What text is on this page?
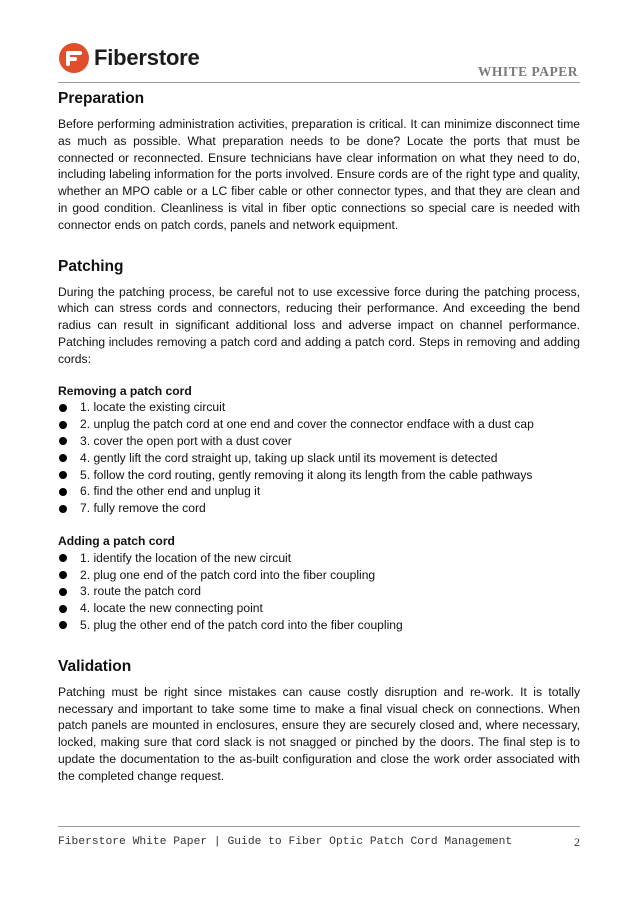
Fiberstore
WHITE PAPER
Preparation

Before performing administration activities, preparation is critical. It can minimize disconnect time as much as possible. What preparation needs to be done? Locate the ports that must be connected or reconnected. Ensure technicians have clear information on what they need to do, including labeling information for the ports involved. Ensure cords are of the right type and quality, whether an MPO cable or a LC fiber cable or other connector types, and that they are clean and in good condition. Cleanliness is vital in fiber optic connections so special care is needed with connector ends on patch cords, panels and network equipment.

Patching

During the patching process, be careful not to use excessive force during the patching process, which can stress cords and connectors, reducing their performance. And exceeding the bend radius can result in significant additional loss and adverse impact on channel performance. Patching includes removing a patch cord and adding a patch cord. Steps in removing and adding cords:

Removing a patch cord

1. locate the existing circuit
2. unplug the patch cord at one end and cover the connector endface with a dust cap
3. cover the open port with a dust cover
4. gently lift the cord straight up, taking up slack until its movement is detected
5. follow the cord routing, gently removing it along its length from the cable pathways
6. find the other end and unplug it
7. fully remove the cord

Adding a patch cord

1. identify the location of the new circuit
2. plug one end of the patch cord into the fiber coupling
3. route the patch cord
4. locate the new connecting point
5. plug the other end of the patch cord into the fiber coupling
Validation

Patching must be right since mistakes can cause costly disruption and re-work. It is totally necessary and important to take some time to make a final visual check on connections. When patch panels are mounted in enclosures, ensure they are securely closed and, where necessary, locked, making sure that cord slack is not snagged or pinched by the doors. The final step is to update the documentation to the as-built configuration and close the work order associated with the completed change request.

Fiberstore White Paper | Guide to Fiber Optic Patch Cord Management	2
